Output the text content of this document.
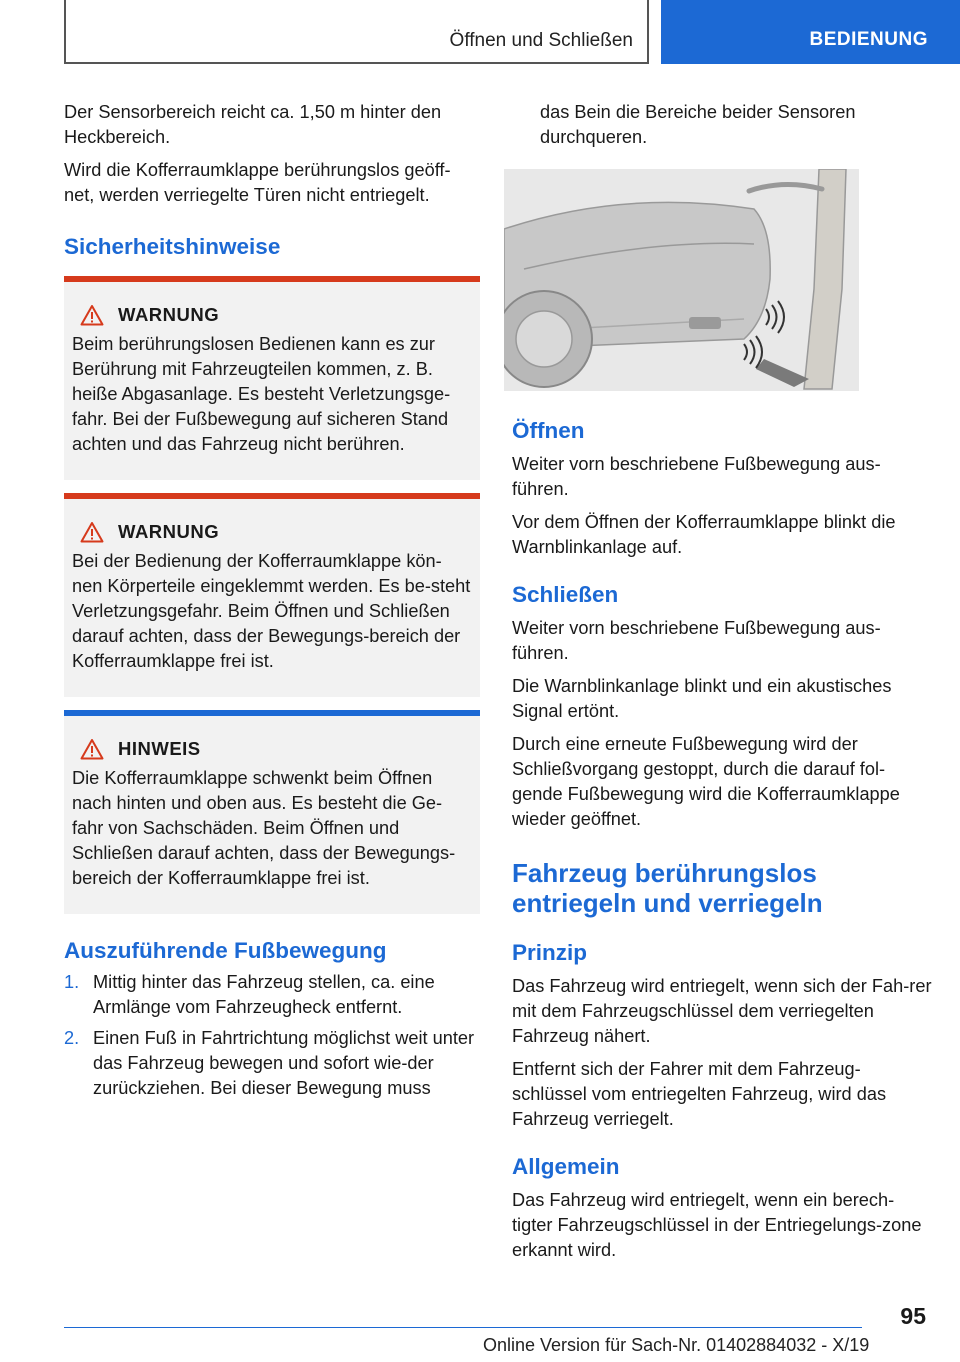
Öffnen und Schließen	BEDIENUNG

Der Sensorbereich reicht ca. 1,50 m hinter den Heckbereich.

Wird die Kofferraumklappe berührungslos geöff‐net, werden verriegelte Türen nicht entriegelt.

Sicherheitshinweise
WARNUNG

Beim berührungslosen Bedienen kann es zur Berührung mit Fahrzeugteilen kommen, z. B. heiße Abgasanlage. Es besteht Verletzungsge‐fahr. Bei der Fußbewegung auf sicheren Stand achten und das Fahrzeug nicht berühren.

WARNUNG

Bei der Bedienung der Kofferraumklappe kön‐nen Körperteile eingeklemmt werden. Es be‐steht Verletzungsgefahr. Beim Öffnen und Schließen darauf achten, dass der Bewegungs‐bereich der Kofferraumklappe frei ist.

HINWEIS

Die Kofferraumklappe schwenkt beim Öffnen nach hinten und oben aus. Es besteht die Ge‐fahr von Sachschäden. Beim Öffnen und Schließen darauf achten, dass der Bewegungs‐bereich der Kofferraumklappe frei ist.

Auszuführende Fußbewegung
1. Mittig hinter das Fahrzeug stellen, ca. eine Armlänge vom Fahrzeugheck entfernt.
2. Einen Fuß in Fahrtrichtung möglichst weit unter das Fahrzeug bewegen und sofort wie‐der zurückziehen. Bei dieser Bewegung muss

das Bein die Bereiche beider Sensoren durchqueren.

Öffnen

Weiter vorn beschriebene Fußbewegung aus‐führen.

Vor dem Öffnen der Kofferraumklappe blinkt die Warnblinkanlage auf.

Schließen

Weiter vorn beschriebene Fußbewegung aus‐führen.

Die Warnblinkanlage blinkt und ein akustisches Signal ertönt.

Durch eine erneute Fußbewegung wird der Schließvorgang gestoppt, durch die darauf fol‐gende Fußbewegung wird die Kofferraumklappe wieder geöffnet.

Fahrzeug berührungslos entriegeln und verriegeln
Prinzip

Das Fahrzeug wird entriegelt, wenn sich der Fah‐rer mit dem Fahrzeugschlüssel dem verriegelten Fahrzeug nähert.

Entfernt sich der Fahrer mit dem Fahrzeug‐schlüssel vom entriegelten Fahrzeug, wird das Fahrzeug verriegelt.

Allgemein

Das Fahrzeug wird entriegelt, wenn ein berech‐tigter Fahrzeugschlüssel in der Entriegelungs‐zone erkannt wird.

95
Online Version für Sach-Nr. 01402884032 - X/19
